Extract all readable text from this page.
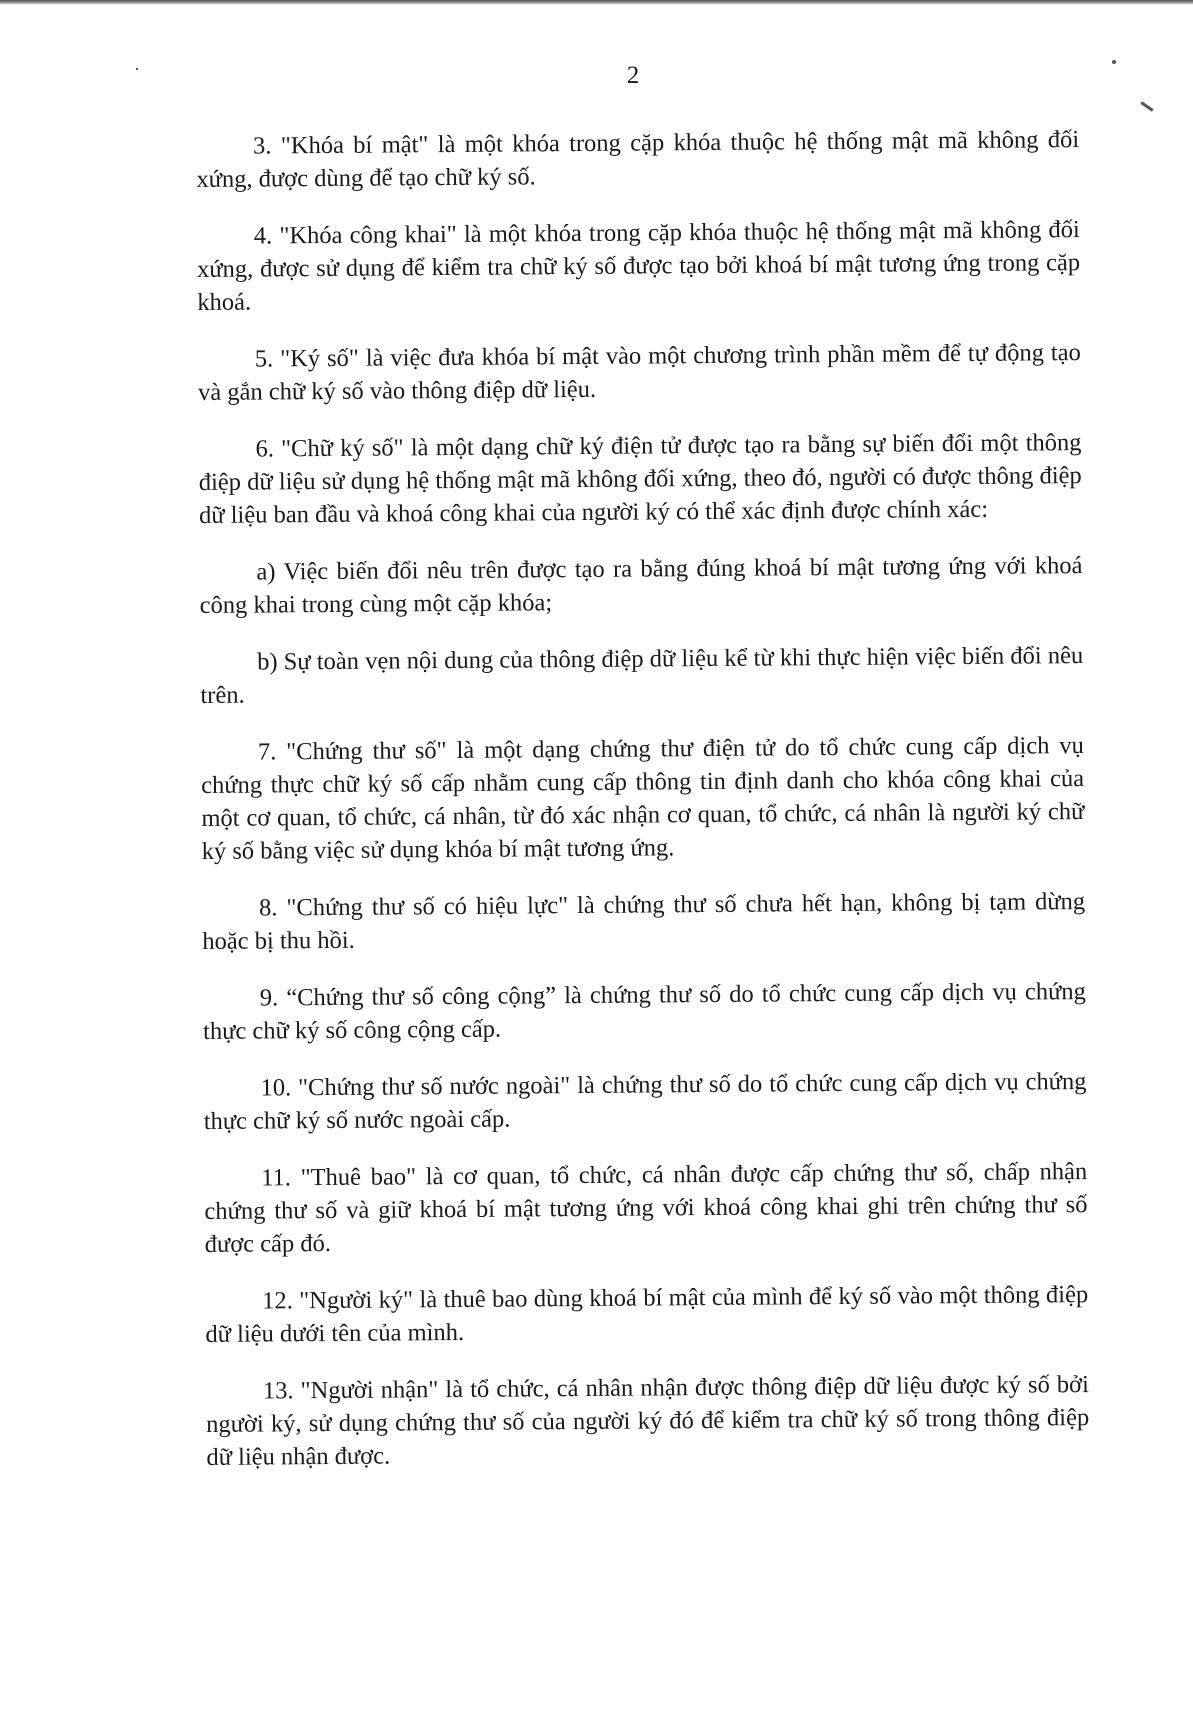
2

3. "Khóa bí mật" là một khóa trong cặp khóa thuộc hệ thống mật mã không đối xứng, được dùng để tạo chữ ký số.

4. "Khóa công khai" là một khóa trong cặp khóa thuộc hệ thống mật mã không đối xứng, được sử dụng để kiểm tra chữ ký số được tạo bởi khoá bí mật tương ứng trong cặp khoá.

5. "Ký số" là việc đưa khóa bí mật vào một chương trình phần mềm để tự động tạo và gắn chữ ký số vào thông điệp dữ liệu.

6. "Chữ ký số" là một dạng chữ ký điện tử được tạo ra bằng sự biến đổi một thông điệp dữ liệu sử dụng hệ thống mật mã không đối xứng, theo đó, người có được thông điệp dữ liệu ban đầu và khoá công khai của người ký có thể xác định được chính xác:

a) Việc biến đổi nêu trên được tạo ra bằng đúng khoá bí mật tương ứng với khoá công khai trong cùng một cặp khóa;

b) Sự toàn vẹn nội dung của thông điệp dữ liệu kể từ khi thực hiện việc biến đổi nêu trên.

7. "Chứng thư số" là một dạng chứng thư điện tử do tổ chức cung cấp dịch vụ chứng thực chữ ký số cấp nhằm cung cấp thông tin định danh cho khóa công khai của một cơ quan, tổ chức, cá nhân, từ đó xác nhận cơ quan, tổ chức, cá nhân là người ký chữ ký số bằng việc sử dụng khóa bí mật tương ứng.

8. "Chứng thư số có hiệu lực" là chứng thư số chưa hết hạn, không bị tạm dừng hoặc bị thu hồi.

9. “Chứng thư số công cộng” là chứng thư số do tổ chức cung cấp dịch vụ chứng thực chữ ký số công cộng cấp.

10. "Chứng thư số nước ngoài" là chứng thư số do tổ chức cung cấp dịch vụ chứng thực chữ ký số nước ngoài cấp.

11. "Thuê bao" là cơ quan, tổ chức, cá nhân được cấp chứng thư số, chấp nhận chứng thư số và giữ khoá bí mật tương ứng với khoá công khai ghi trên chứng thư số được cấp đó.

12. "Người ký" là thuê bao dùng khoá bí mật của mình để ký số vào một thông điệp dữ liệu dưới tên của mình.

13. "Người nhận" là tổ chức, cá nhân nhận được thông điệp dữ liệu được ký số bởi người ký, sử dụng chứng thư số của người ký đó để kiểm tra chữ ký số trong thông điệp dữ liệu nhận được.
